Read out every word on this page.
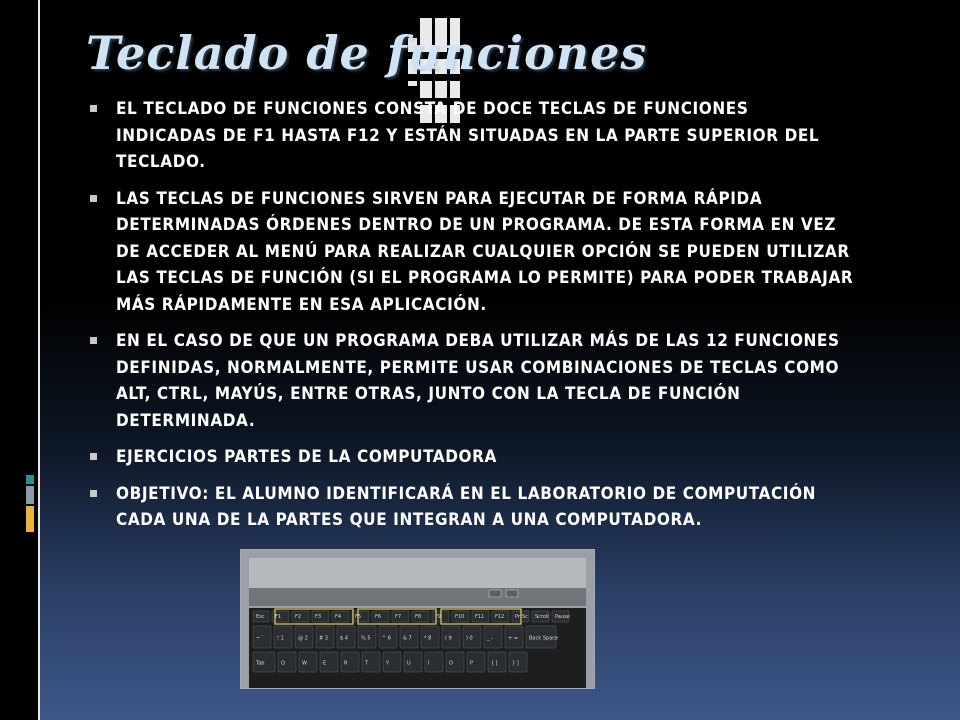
Teclado de funciones
EL TECLADO DE FUNCIONES CONSTA DE DOCE TECLAS DE FUNCIONES INDICADAS DE F1 HASTA F12 Y ESTÁN SITUADAS EN LA PARTE SUPERIOR DEL TECLADO.
LAS TECLAS DE FUNCIONES SIRVEN PARA EJECUTAR DE FORMA RÁPIDA DETERMINADAS ÓRDENES DENTRO DE UN PROGRAMA. DE ESTA FORMA EN VEZ DE ACCEDER AL MENÚ PARA REALIZAR CUALQUIER OPCIÓN SE PUEDEN UTILIZAR LAS TECLAS DE FUNCIÓN (SI EL PROGRAMA LO PERMITE) PARA PODER TRABAJAR MÁS RÁPIDAMENTE EN ESA APLICACIÓN.
EN EL CASO DE QUE UN PROGRAMA DEBA UTILIZAR MÁS DE LAS 12 FUNCIONES DEFINIDAS, NORMALMENTE, PERMITE USAR COMBINACIONES DE TECLAS COMO ALT, CTRL, MAYÚS, ENTRE OTRAS, JUNTO CON LA TECLA DE FUNCIÓN DETERMINADA.
EJERCICIOS PARTES DE LA COMPUTADORA
OBJETIVO: EL ALUMNO IDENTIFICARÁ EN EL LABORATORIO DE COMPUTACIÓN CADA UNA DE LA PARTES QUE INTEGRAN A UNA COMPUTADORA.
Esc F1	F2	F3	F4	F5	F6	F7	F8	F9	F10 F11 F12 PrtSc Scroll Pause
~ `	! 1	@ 2 # 3 $ 4	% 5 ^ 6 & 7 * 8	( 9	) 0	_ -	+ = Back Space
Tab	Q	W	E	R	T	Y	U	I	O	P	{ [	} ]
